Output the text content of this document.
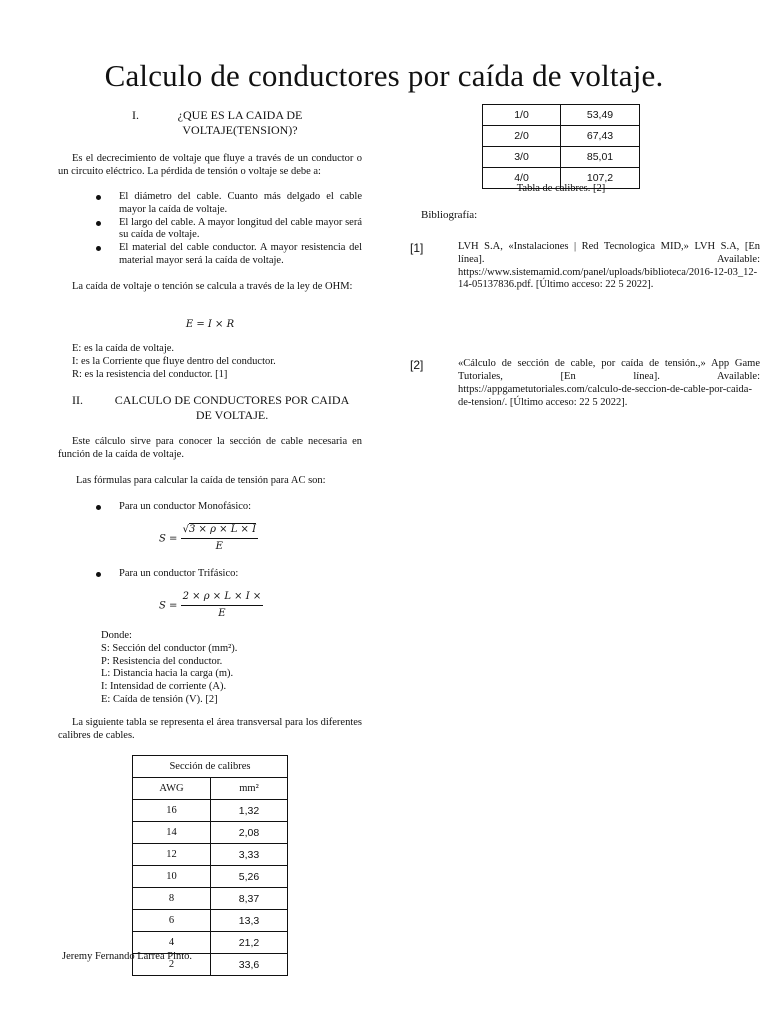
Calculo de conductores por caída de voltaje.
I.	¿QUE ES LA CAIDA DE
VOLTAJE(TENSION)?

Es el decrecimiento de voltaje que fluye a través de un conductor o un circuito eléctrico. La pérdida de tensión o voltaje se debe a:

El diámetro del cable. Cuanto más delgado el cable mayor la caída de voltaje.
El largo del cable. A mayor longitud del cable mayor será su caída de voltaje.
El material del cable conductor. A mayor resistencia del material mayor será la caída de voltaje.

La caída de voltaje o tención se calcula a través de la ley de OHM:

E = I × R
E: es la caída de voltaje.
I: es la Corriente que fluye dentro del conductor.
R: es la resistencia del conductor. [1]
II.	CALCULO DE CONDUCTORES POR CAIDA
DE VOLTAJE.

Este cálculo sirve para conocer la sección de cable necesaria en función de la caída de voltaje.

Las fórmulas para calcular la caída de tensión para AC son:

Para un conductor Monofásico:
$S = \frac{√3 \times \rho \times L \times I}{E}$
Para un conductor Trifásico:
$S = \frac{2 \times \rho \times L \times I \times}{E}$
Donde:
S: Sección del conductor (mm²).
P: Resistencia del conductor.
L: Distancia hacia la carga (m).
I: Intensidad de corriente (A).
E: Caída de tensión (V). [2]

La siguiente tabla se representa el área transversal para los diferentes calibres de cables.

Sección de calibres	
AWG	mm²
16	1,32
14	2,08
12	3,33
10	5,26
8	8,37
6	13,3
4	21,2
2	33,6
Jeremy Fernando Larrea Pinto.
1/0	53,49
2/0	67,43
3/0	85,01
4/0	107,2
Tabla de calibres. [2]
Bibliografía:
[1]	LVH S.A, «Instalaciones | Red Tecnologica MID,» LVH S.A, [En línea]. Available: https://www.sistemamid.com/panel/uploads/biblioteca/2016-12-03_12-14-05137836.pdf. [Último acceso: 22 5 2022].
[2]	«Cálculo de sección de cable, por caída de tensión.,» App Game Tutoriales, [En línea]. Available: https://appgametutoriales.com/calculo-de-seccion-de-cable-por-caida-de-tension/. [Último acceso: 22 5 2022].
